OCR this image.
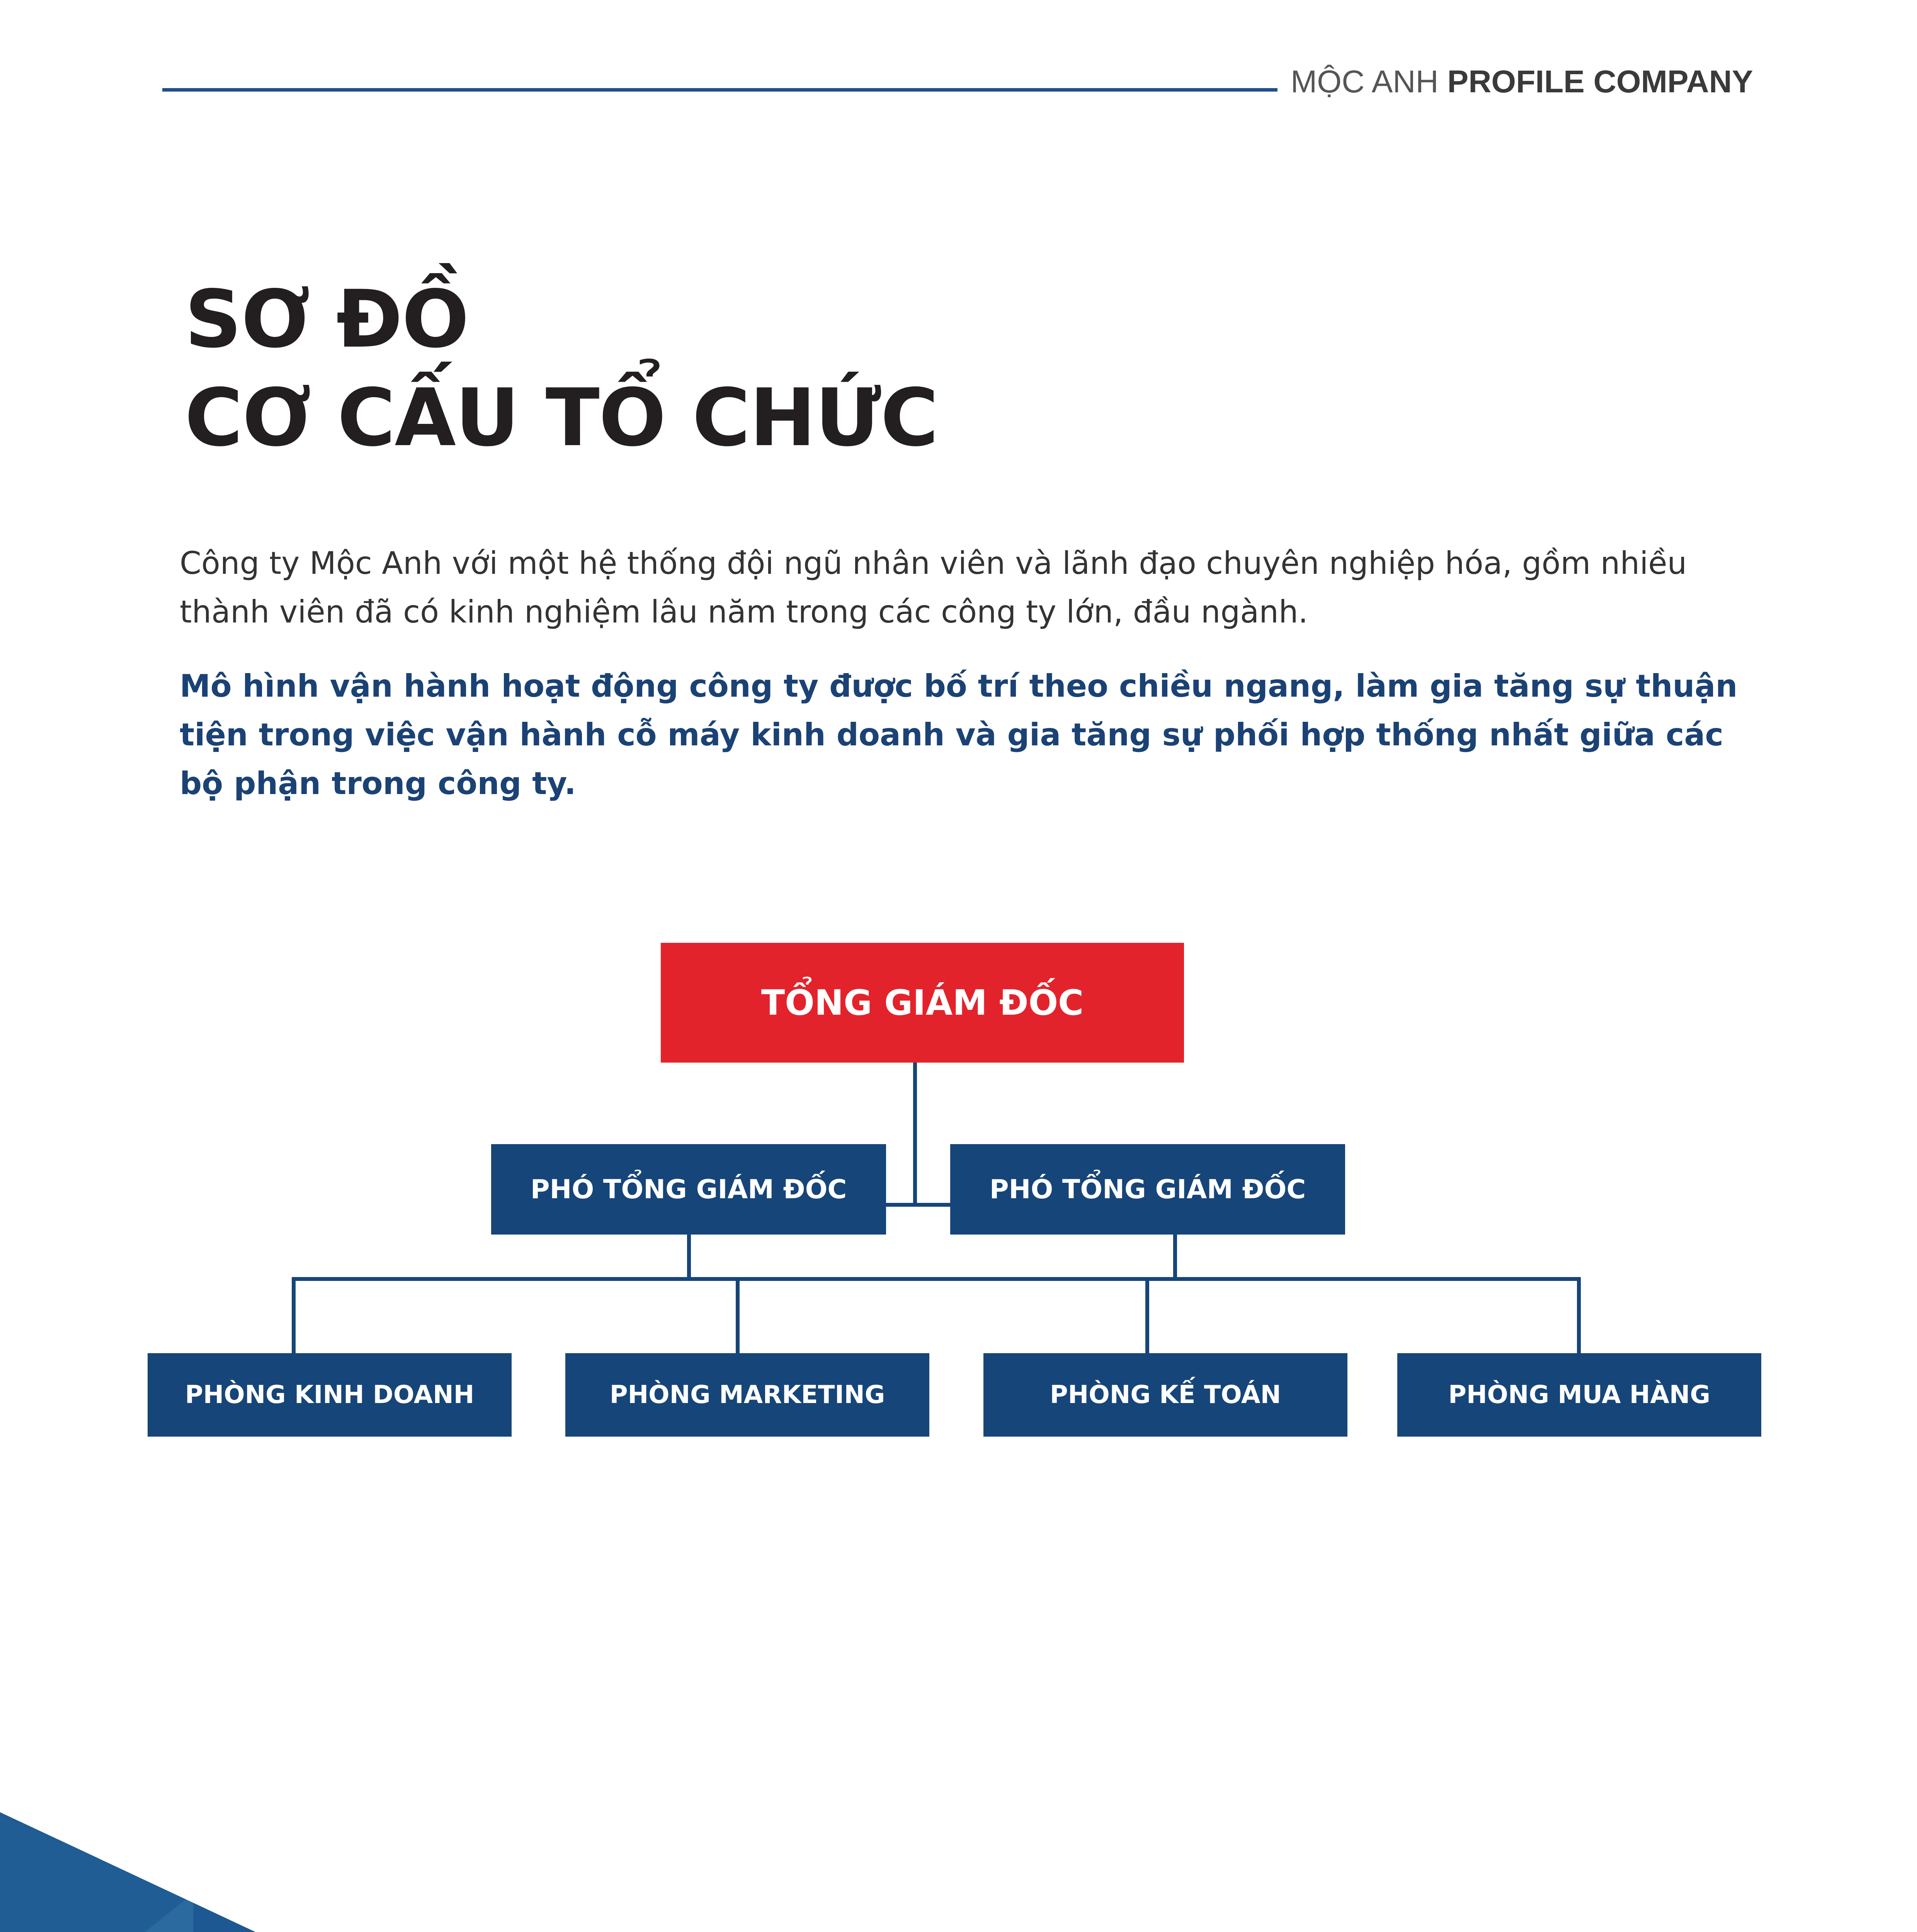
MỘC ANH PROFILE COMPANY
SƠ ĐỒ
CƠ CẤU TỔ CHỨC

Công ty Mộc Anh với một hệ thống đội ngũ nhân viên và lãnh đạo chuyên nghiệp hóa, gồm nhiều thành viên đã có kinh nghiệm lâu năm trong các công ty lớn, đầu ngành.

Mô hình vận hành hoạt động công ty được bố trí theo chiều ngang, làm gia tăng sự thuận tiện trong việc vận hành cỗ máy kinh doanh và gia tăng sự phối hợp thống nhất giữa các bộ phận trong công ty.

TỔNG GIÁM ĐỐC
PHÓ TỔNG GIÁM ĐỐC	PHÓ TỔNG GIÁM ĐỐC
PHÒNG KINH DOANH	PHÒNG MARKETING	PHÒNG KẾ TOÁN	PHÒNG MUA HÀNG
